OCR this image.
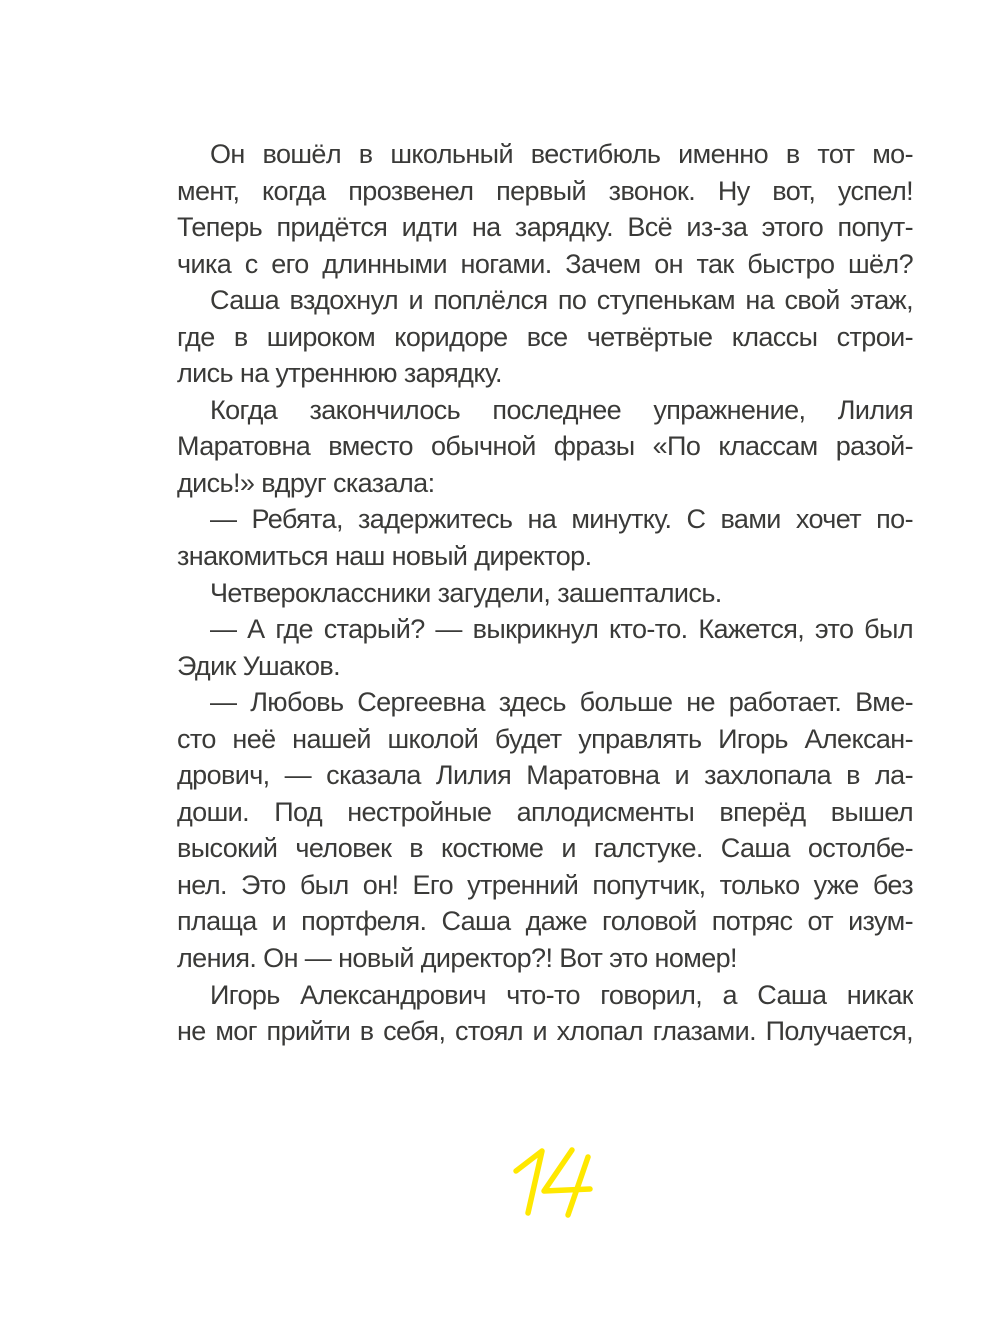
Он вошёл в школьный вестибюль именно в тот мо-
мент, когда прозвенел первый звонок. Ну вот, успел!
Теперь придётся идти на зарядку. Всё из-за этого попут-
чика с его длинными ногами. Зачем он так быстро шёл?
Саша вздохнул и поплёлся по ступенькам на свой этаж,
где в широком коридоре все четвёртые классы строи-
лись на утреннюю зарядку.
Когда закончилось последнее упражнение, Лилия
Маратовна вместо обычной фразы «По классам разой-
дись!» вдруг сказала:
— Ребята, задержитесь на минутку. С вами хочет по-
знакомиться наш новый директор.
Четвероклассники загудели, зашептались.
— А где старый? — выкрикнул кто-то. Кажется, это был
Эдик Ушаков.
— Любовь Сергеевна здесь больше не работает. Вме-
сто неё нашей школой будет управлять Игорь Алексан-
дрович, — сказала Лилия Маратовна и захлопала в ла-
доши. Под нестройные аплодисменты вперёд вышел
высокий человек в костюме и галстуке. Саша остолбе-
нел. Это был он! Его утренний попутчик, только уже без
плаща и портфеля. Саша даже головой потряс от изум-
ления. Он — новый директор?! Вот это номер!
Игорь Александрович что-то говорил, а Саша никак
не мог прийти в себя, стоял и хлопал глазами. Получается,
